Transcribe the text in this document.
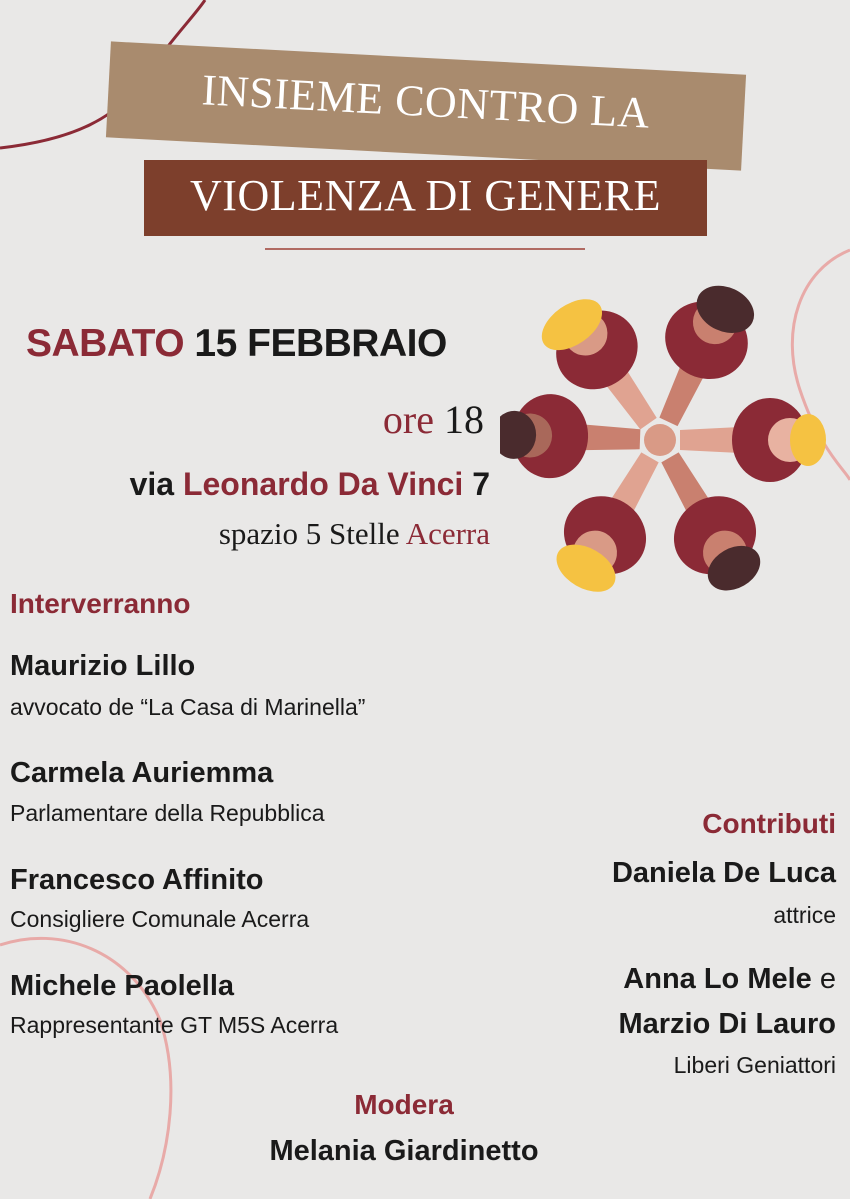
INSIEME CONTRO LA
VIOLENZA DI GENERE
SABATO 15 FEBBRAIO
ore 18
via Leonardo Da Vinci 7
spazio 5 Stelle Acerra
Interverranno
Maurizio Lillo
avvocato de “La Casa di Marinella”
Carmela Auriemma
Parlamentare della Repubblica
Francesco Affinito
Consigliere Comunale Acerra
Michele Paolella
Rappresentante GT M5S Acerra
Contributi
Daniela De Luca
attrice
Anna Lo Mele e
Marzio Di Lauro
Liberi Geniattori
Modera
Melania Giardinetto
